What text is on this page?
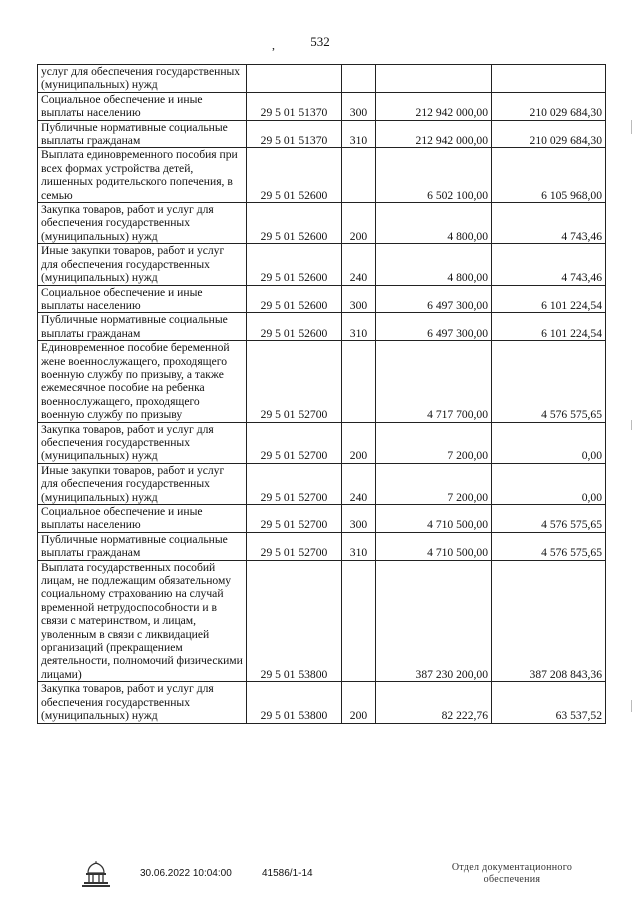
532
,
услуг для обеспечения государственных (муниципальных) нужд				
Социальное обеспечение и иные выплаты населению	29 5 01 51370	300	212 942 000,00	210 029 684,30
Публичные нормативные социальные выплаты гражданам	29 5 01 51370	310	212 942 000,00	210 029 684,30
Выплата единовременного пособия при всех формах устройства детей, лишенных родительского попечения, в семью	29 5 01 52600		6 502 100,00	6 105 968,00
Закупка товаров, работ и услуг для обеспечения государственных (муниципальных) нужд	29 5 01 52600	200	4 800,00	4 743,46
Иные закупки товаров, работ и услуг для обеспечения государственных (муниципальных) нужд	29 5 01 52600	240	4 800,00	4 743,46
Социальное обеспечение и иные выплаты населению	29 5 01 52600	300	6 497 300,00	6 101 224,54
Публичные нормативные социальные выплаты гражданам	29 5 01 52600	310	6 497 300,00	6 101 224,54
Единовременное пособие беременной жене военнослужащего, проходящего военную службу по призыву, а также ежемесячное пособие на ребенка военнослужащего, проходящего военную службу по призыву	29 5 01 52700		4 717 700,00	4 576 575,65
Закупка товаров, работ и услуг для обеспечения государственных (муниципальных) нужд	29 5 01 52700	200	7 200,00	0,00
Иные закупки товаров, работ и услуг для обеспечения государственных (муниципальных) нужд	29 5 01 52700	240	7 200,00	0,00
Социальное обеспечение и иные выплаты населению	29 5 01 52700	300	4 710 500,00	4 576 575,65
Публичные нормативные социальные выплаты гражданам	29 5 01 52700	310	4 710 500,00	4 576 575,65
Выплата государственных пособий лицам, не подлежащим обязательному социальному страхованию на случай временной нетрудоспособности и в связи с материнством, и лицам, уволенным в связи с ликвидацией организаций (прекращением деятельности, полномочий физическими лицами)	29 5 01 53800		387 230 200,00	387 208 843,36
Закупка товаров, работ и услуг для обеспечения государственных (муниципальных) нужд	29 5 01 53800	200	82 222,76	63 537,52
30.06.2022 10:04:00	41586/1-14
Отдел документационного
обеспечения
